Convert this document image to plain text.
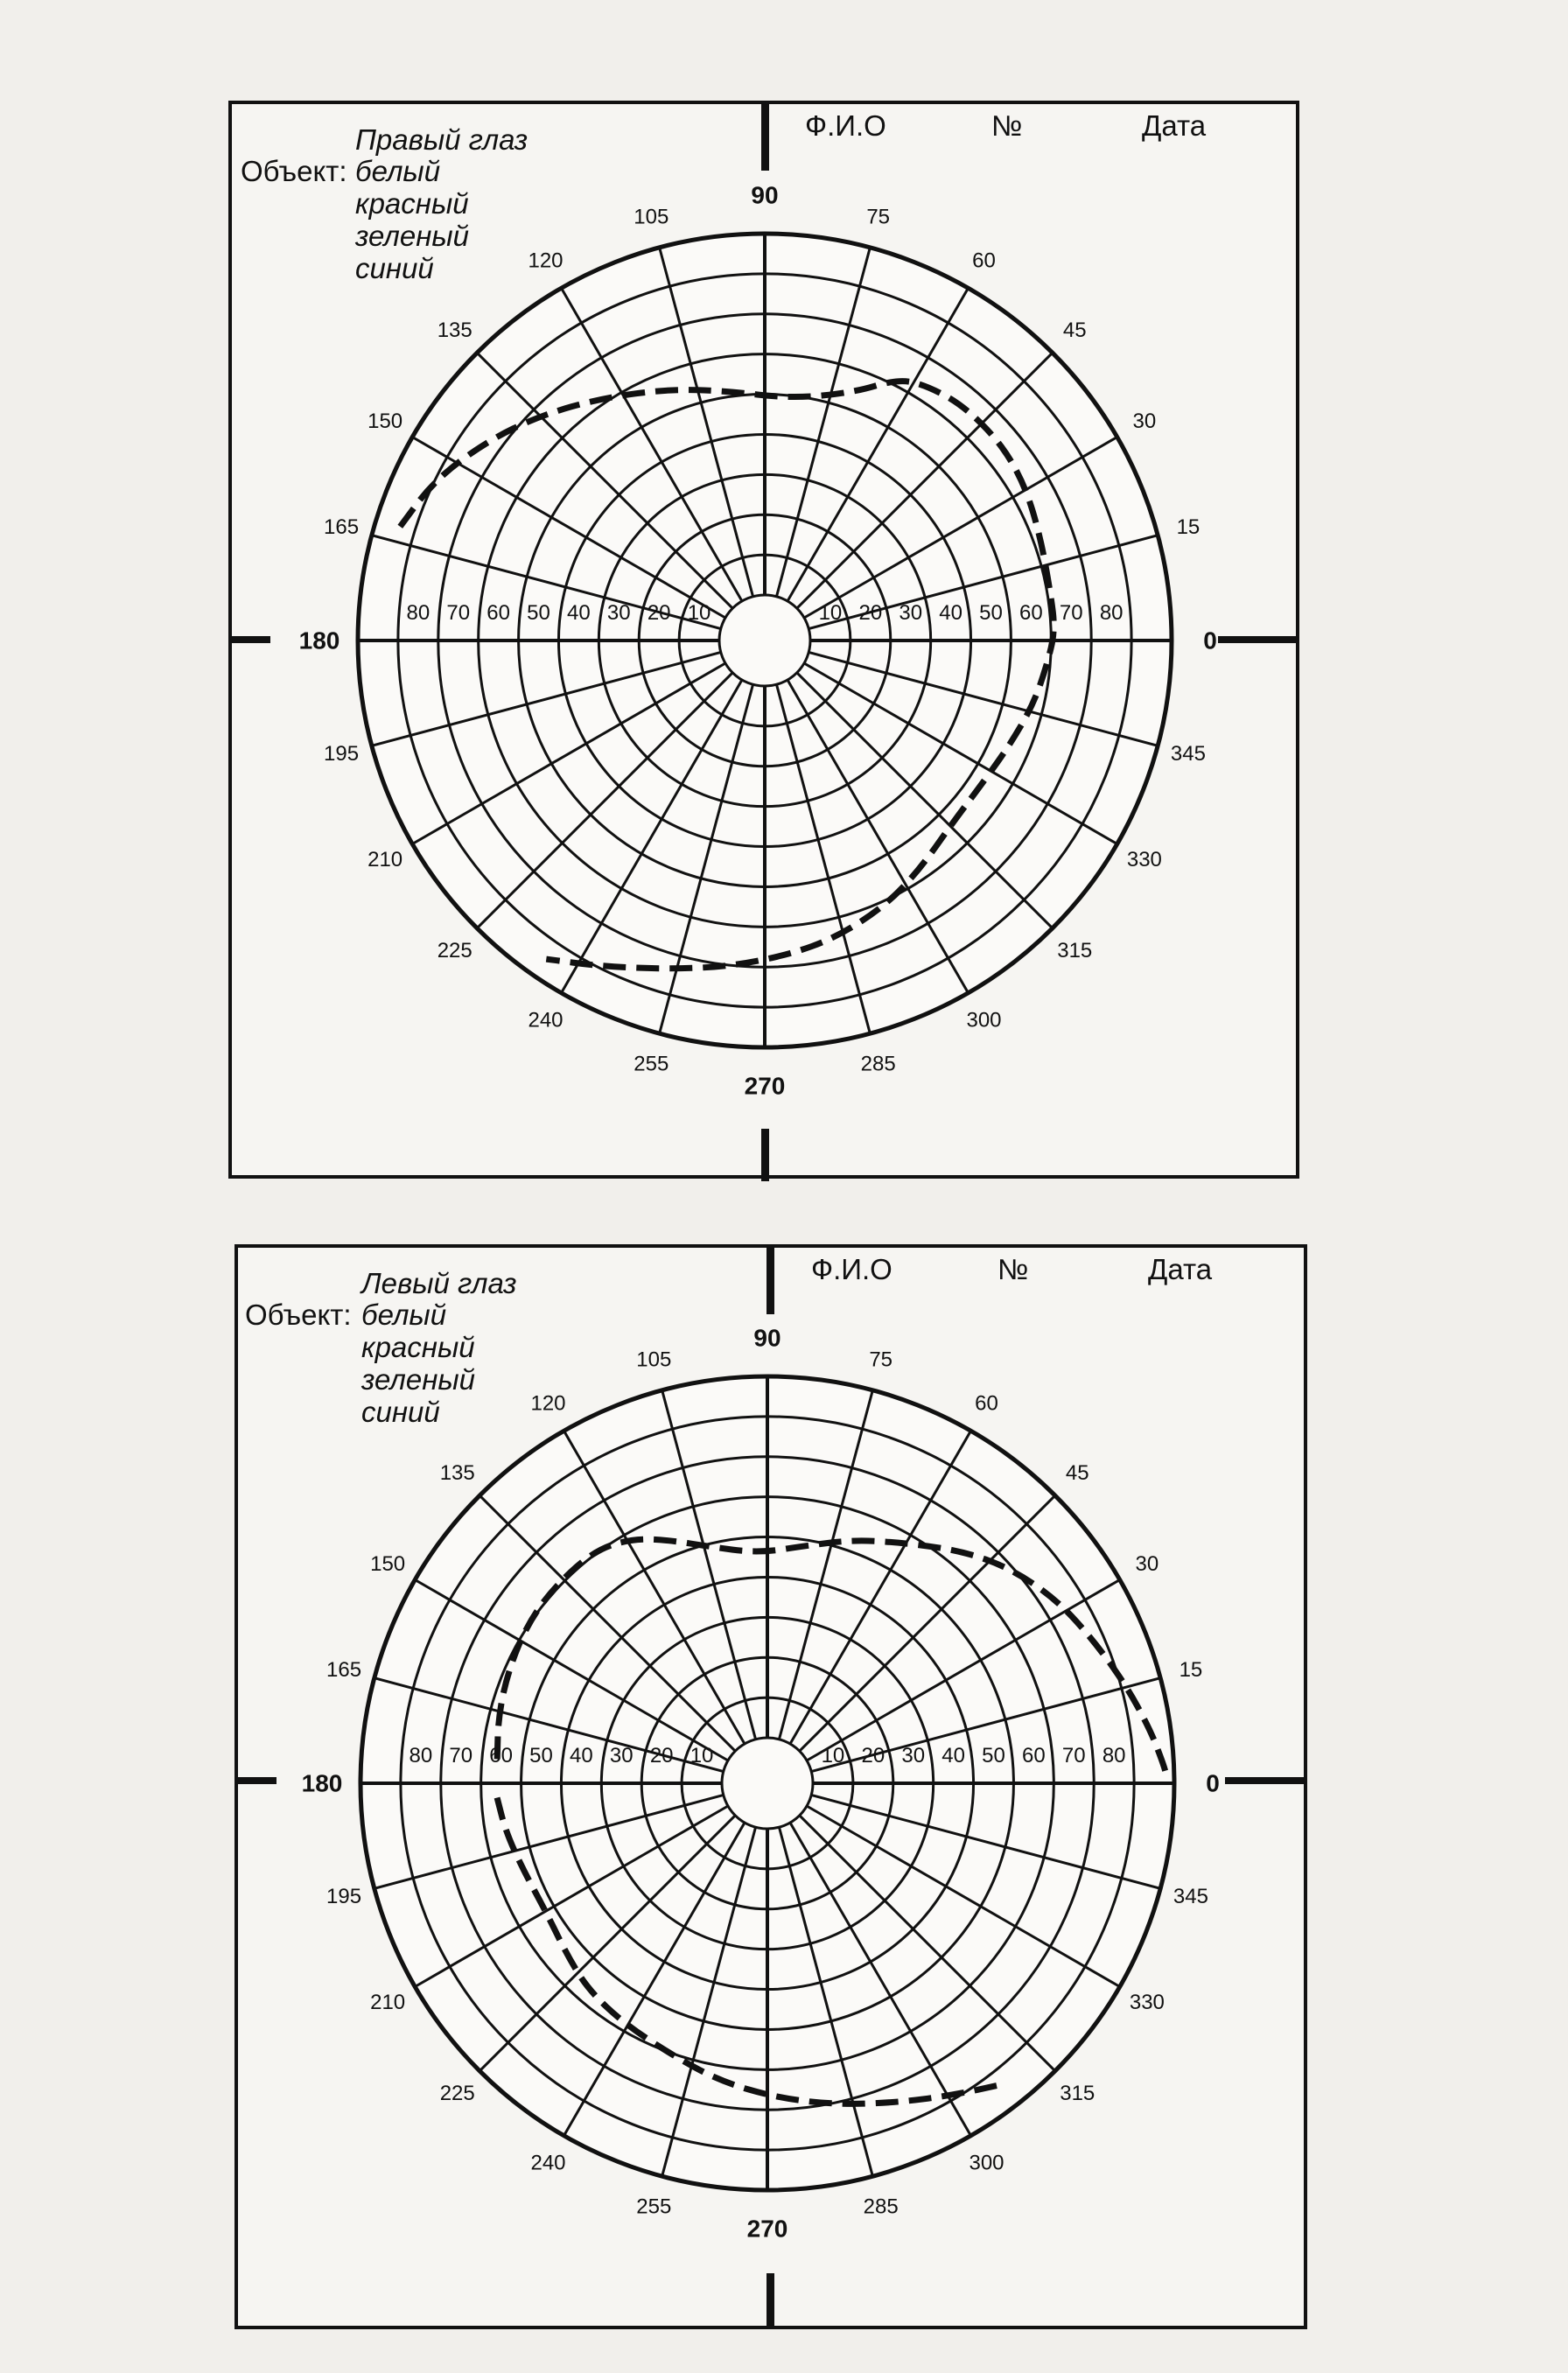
Правый глаз
Объект: белый
красный
зеленый
синий
Ф.И.О	№	Дата
0
15
30
45
60
75
90
105
120
135
150
165
180
195
210
225
240
255
270
285
300
315
330
345
80 70 60 50 40 30 20 10	10 20 30 40 50 60 70 80
Левый глаз
Объект: белый
красный
зеленый
синий
Ф.И.О	№	Дата
0
15
30
45
60
75
90
105
120
135
150
165
180
195
210
225
240
255
270
285
300
315
330
345
80 70 60 50 40 30 20 10	10 20 30 40 50 60 70 80
